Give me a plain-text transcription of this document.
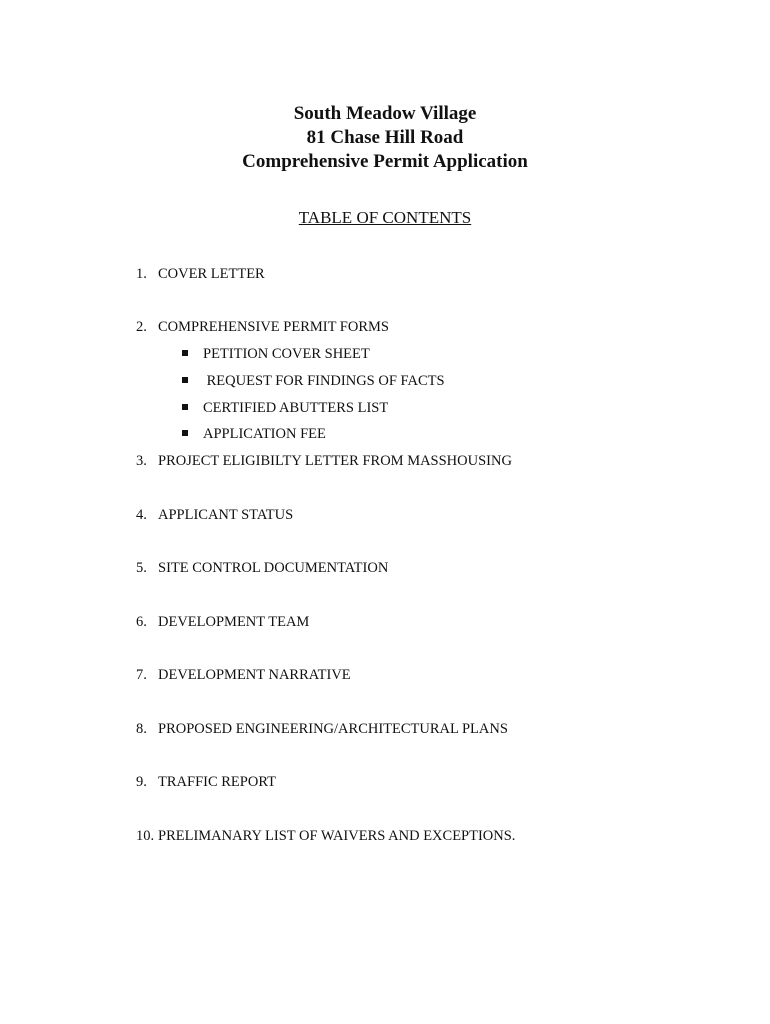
South Meadow Village
81 Chase Hill Road
Comprehensive Permit Application
TABLE OF CONTENTS
1. COVER LETTER
2. COMPREHENSIVE PERMIT FORMS
PETITION COVER SHEET
REQUEST FOR FINDINGS OF FACTS
CERTIFIED ABUTTERS LIST
APPLICATION FEE
3. PROJECT ELIGIBILTY LETTER FROM MASSHOUSING
4. APPLICANT STATUS
5. SITE CONTROL DOCUMENTATION
6. DEVELOPMENT TEAM
7. DEVELOPMENT NARRATIVE
8. PROPOSED ENGINEERING/ARCHITECTURAL PLANS
9. TRAFFIC REPORT
10. PRELIMANARY LIST OF WAIVERS AND EXCEPTIONS.
